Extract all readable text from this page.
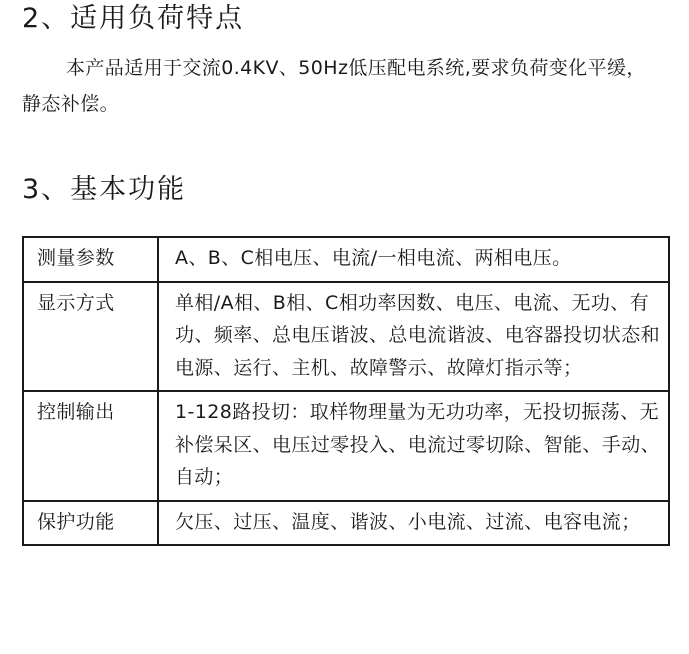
2、适用负荷特点
本产品适用于交流0.4KV、50Hz低压配电系统,要求负荷变化平缓，静态补偿。
3、基本功能
测量参数	A、B、C相电压、电流/一相电流、两相电压。
显示方式	单相/A相、B相、C相功率因数、电压、电流、无功、有功、频率、总电压谐波、总电流谐波、电容器投切状态和电源、运行、主机、故障警示、故障灯指示等；
控制输出	1-128路投切：取样物理量为无功功率，无投切振荡、无补偿呆区、电压过零投入、电流过零切除、智能、手动、自动；
保护功能	欠压、过压、温度、谐波、小电流、过流、电容电流；
